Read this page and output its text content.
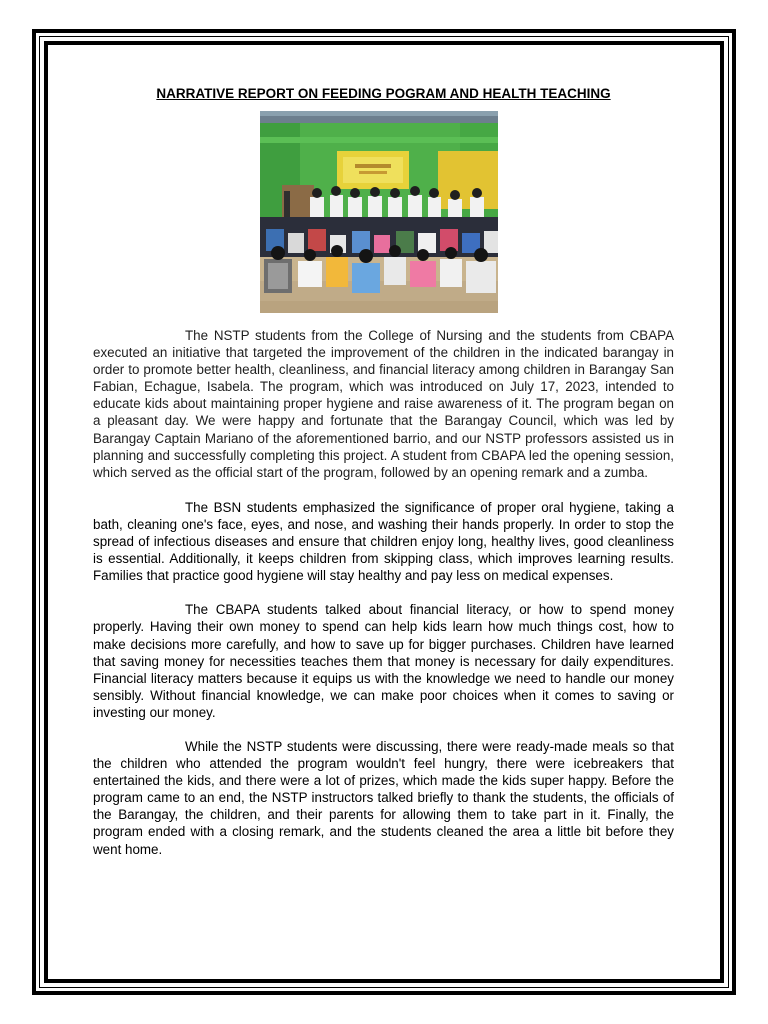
NARRATIVE REPORT ON FEEDING POGRAM AND HEALTH TEACHING

The NSTP students from the College of Nursing and the students from CBAPA executed an initiative that targeted the improvement of the children in the indicated barangay in order to promote better health, cleanliness, and financial literacy among children in Barangay San Fabian, Echague, Isabela. The program, which was introduced on July 17, 2023, intended to educate kids about maintaining proper hygiene and raise awareness of it. The program began on a pleasant day. We were happy and fortunate that the Barangay Council, which was led by Barangay Captain Mariano of the aforementioned barrio, and our NSTP professors assisted us in planning and successfully completing this project. A student from CBAPA led the opening session, which served as the official start of the program, followed by an opening remark and a zumba.

The BSN students emphasized the significance of proper oral hygiene, taking a bath, cleaning one's face, eyes, and nose, and washing their hands properly. In order to stop the spread of infectious diseases and ensure that children enjoy long, healthy lives, good cleanliness is essential. Additionally, it keeps children from skipping class, which improves learning results. Families that practice good hygiene will stay healthy and pay less on medical expenses.

The CBAPA students talked about financial literacy, or how to spend money properly. Having their own money to spend can help kids learn how much things cost, how to make decisions more carefully, and how to save up for bigger purchases. Children have learned that saving money for necessities teaches them that money is necessary for daily expenditures. Financial literacy matters because it equips us with the knowledge we need to handle our money sensibly. Without financial knowledge, we can make poor choices when it comes to saving or investing our money.

While the NSTP students were discussing, there were ready-made meals so that the children who attended the program wouldn't feel hungry, there were icebreakers that entertained the kids, and there were a lot of prizes, which made the kids super happy. Before the program came to an end, the NSTP instructors talked briefly to thank the students, the officials of the Barangay, the children, and their parents for allowing them to take part in it. Finally, the program ended with a closing remark, and the students cleaned the area a little bit before they went home.
